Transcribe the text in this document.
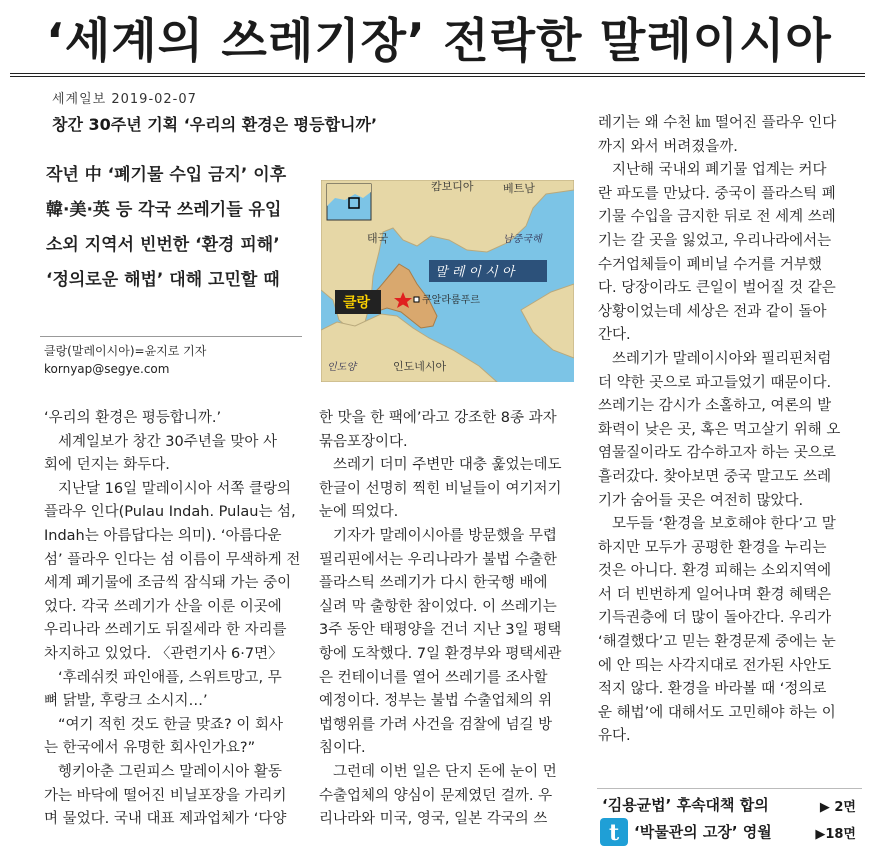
‘세계의 쓰레기장’ 전락한 말레이시아
세계일보 2019-02-07
창간 30주년 기획 ‘우리의 환경은 평등합니까’
작년 中 ‘폐기물 수입 금지’ 이후
韓·美·英 등 각국 쓰레기들 유입
소외 지역서 빈번한 ‘환경 피해’
‘정의로운 해법’ 대해 고민할 때
클랑(말레이시아)=윤지로 기자
kornyap@segye.com
캄보디아	베트남
태국	남중국해
말 레 이 시 아
클랑	쿠알라룸푸르
인도양	인도네시아
‘우리의 환경은 평등합니까.’
세계일보가 창간 30주년을 맞아 사
회에 던지는 화두다.
지난달 16일 말레이시아 서쪽 클랑의
플라우 인다(Pulau Indah. Pulau는 섬,
Indah는 아름답다는 의미). ‘아름다운
섬’ 플라우 인다는 섬 이름이 무색하게 전
세계 폐기물에 조금씩 잠식돼 가는 중이
었다. 각국 쓰레기가 산을 이룬 이곳에
우리나라 쓰레기도 뒤질세라 한 자리를
차지하고 있었다. 〈관련기사 6·7면〉
‘후레쉬컷 파인애플, 스위트망고, 무
뼈 닭발, 후랑크 소시지…’
“여기 적힌 것도 한글 맞죠? 이 회사
는 한국에서 유명한 회사인가요?”
헹키아춘 그린피스 말레이시아 활동
가는 바닥에 떨어진 비닐포장을 가리키
며 물었다. 국내 대표 제과업체가 ‘다양
한 맛을 한 팩에’라고 강조한 8종 과자
묶음포장이다.
쓰레기 더미 주변만 대충 훑었는데도
한글이 선명히 찍힌 비닐들이 여기저기
눈에 띄었다.
기자가 말레이시아를 방문했을 무렵
필리핀에서는 우리나라가 불법 수출한
플라스틱 쓰레기가 다시 한국행 배에
실려 막 출항한 참이었다. 이 쓰레기는
3주 동안 태평양을 건너 지난 3일 평택
항에 도착했다. 7일 환경부와 평택세관
은 컨테이너를 열어 쓰레기를 조사할
예정이다. 정부는 불법 수출업체의 위
법행위를 가려 사건을 검찰에 넘길 방
침이다.
그런데 이번 일은 단지 돈에 눈이 먼
수출업체의 양심이 문제였던 걸까. 우
리나라와 미국, 영국, 일본 각국의 쓰
레기는 왜 수천 ㎞ 떨어진 플라우 인다
까지 와서 버려졌을까.
지난해 국내외 폐기물 업계는 커다
란 파도를 만났다. 중국이 플라스틱 폐
기물 수입을 금지한 뒤로 전 세계 쓰레
기는 갈 곳을 잃었고, 우리나라에서는
수거업체들이 폐비닐 수거를 거부했
다. 당장이라도 큰일이 벌어질 것 같은
상황이었는데 세상은 전과 같이 돌아
간다.
쓰레기가 말레이시아와 필리핀처럼
더 약한 곳으로 파고들었기 때문이다.
쓰레기는 감시가 소홀하고, 여론의 발
화력이 낮은 곳, 혹은 먹고살기 위해 오
염물질이라도 감수하고자 하는 곳으로
흘러갔다. 찾아보면 중국 말고도 쓰레
기가 숨어들 곳은 여전히 많았다.
모두들 ‘환경을 보호해야 한다’고 말
하지만 모두가 공평한 환경을 누리는
것은 아니다. 환경 피해는 소외지역에
서 더 빈번하게 일어나며 환경 혜택은
기득권층에 더 많이 돌아간다. 우리가
‘해결했다’고 믿는 환경문제 중에는 눈
에 안 띄는 사각지대로 전가된 사안도
적지 않다. 환경을 바라볼 때 ‘정의로
운 해법’에 대해서도 고민해야 하는 이
유다.
‘김용균법’ 후속대책 합의	▶ 2면
t ‘박물관의 고장’ 영월	▶18면
